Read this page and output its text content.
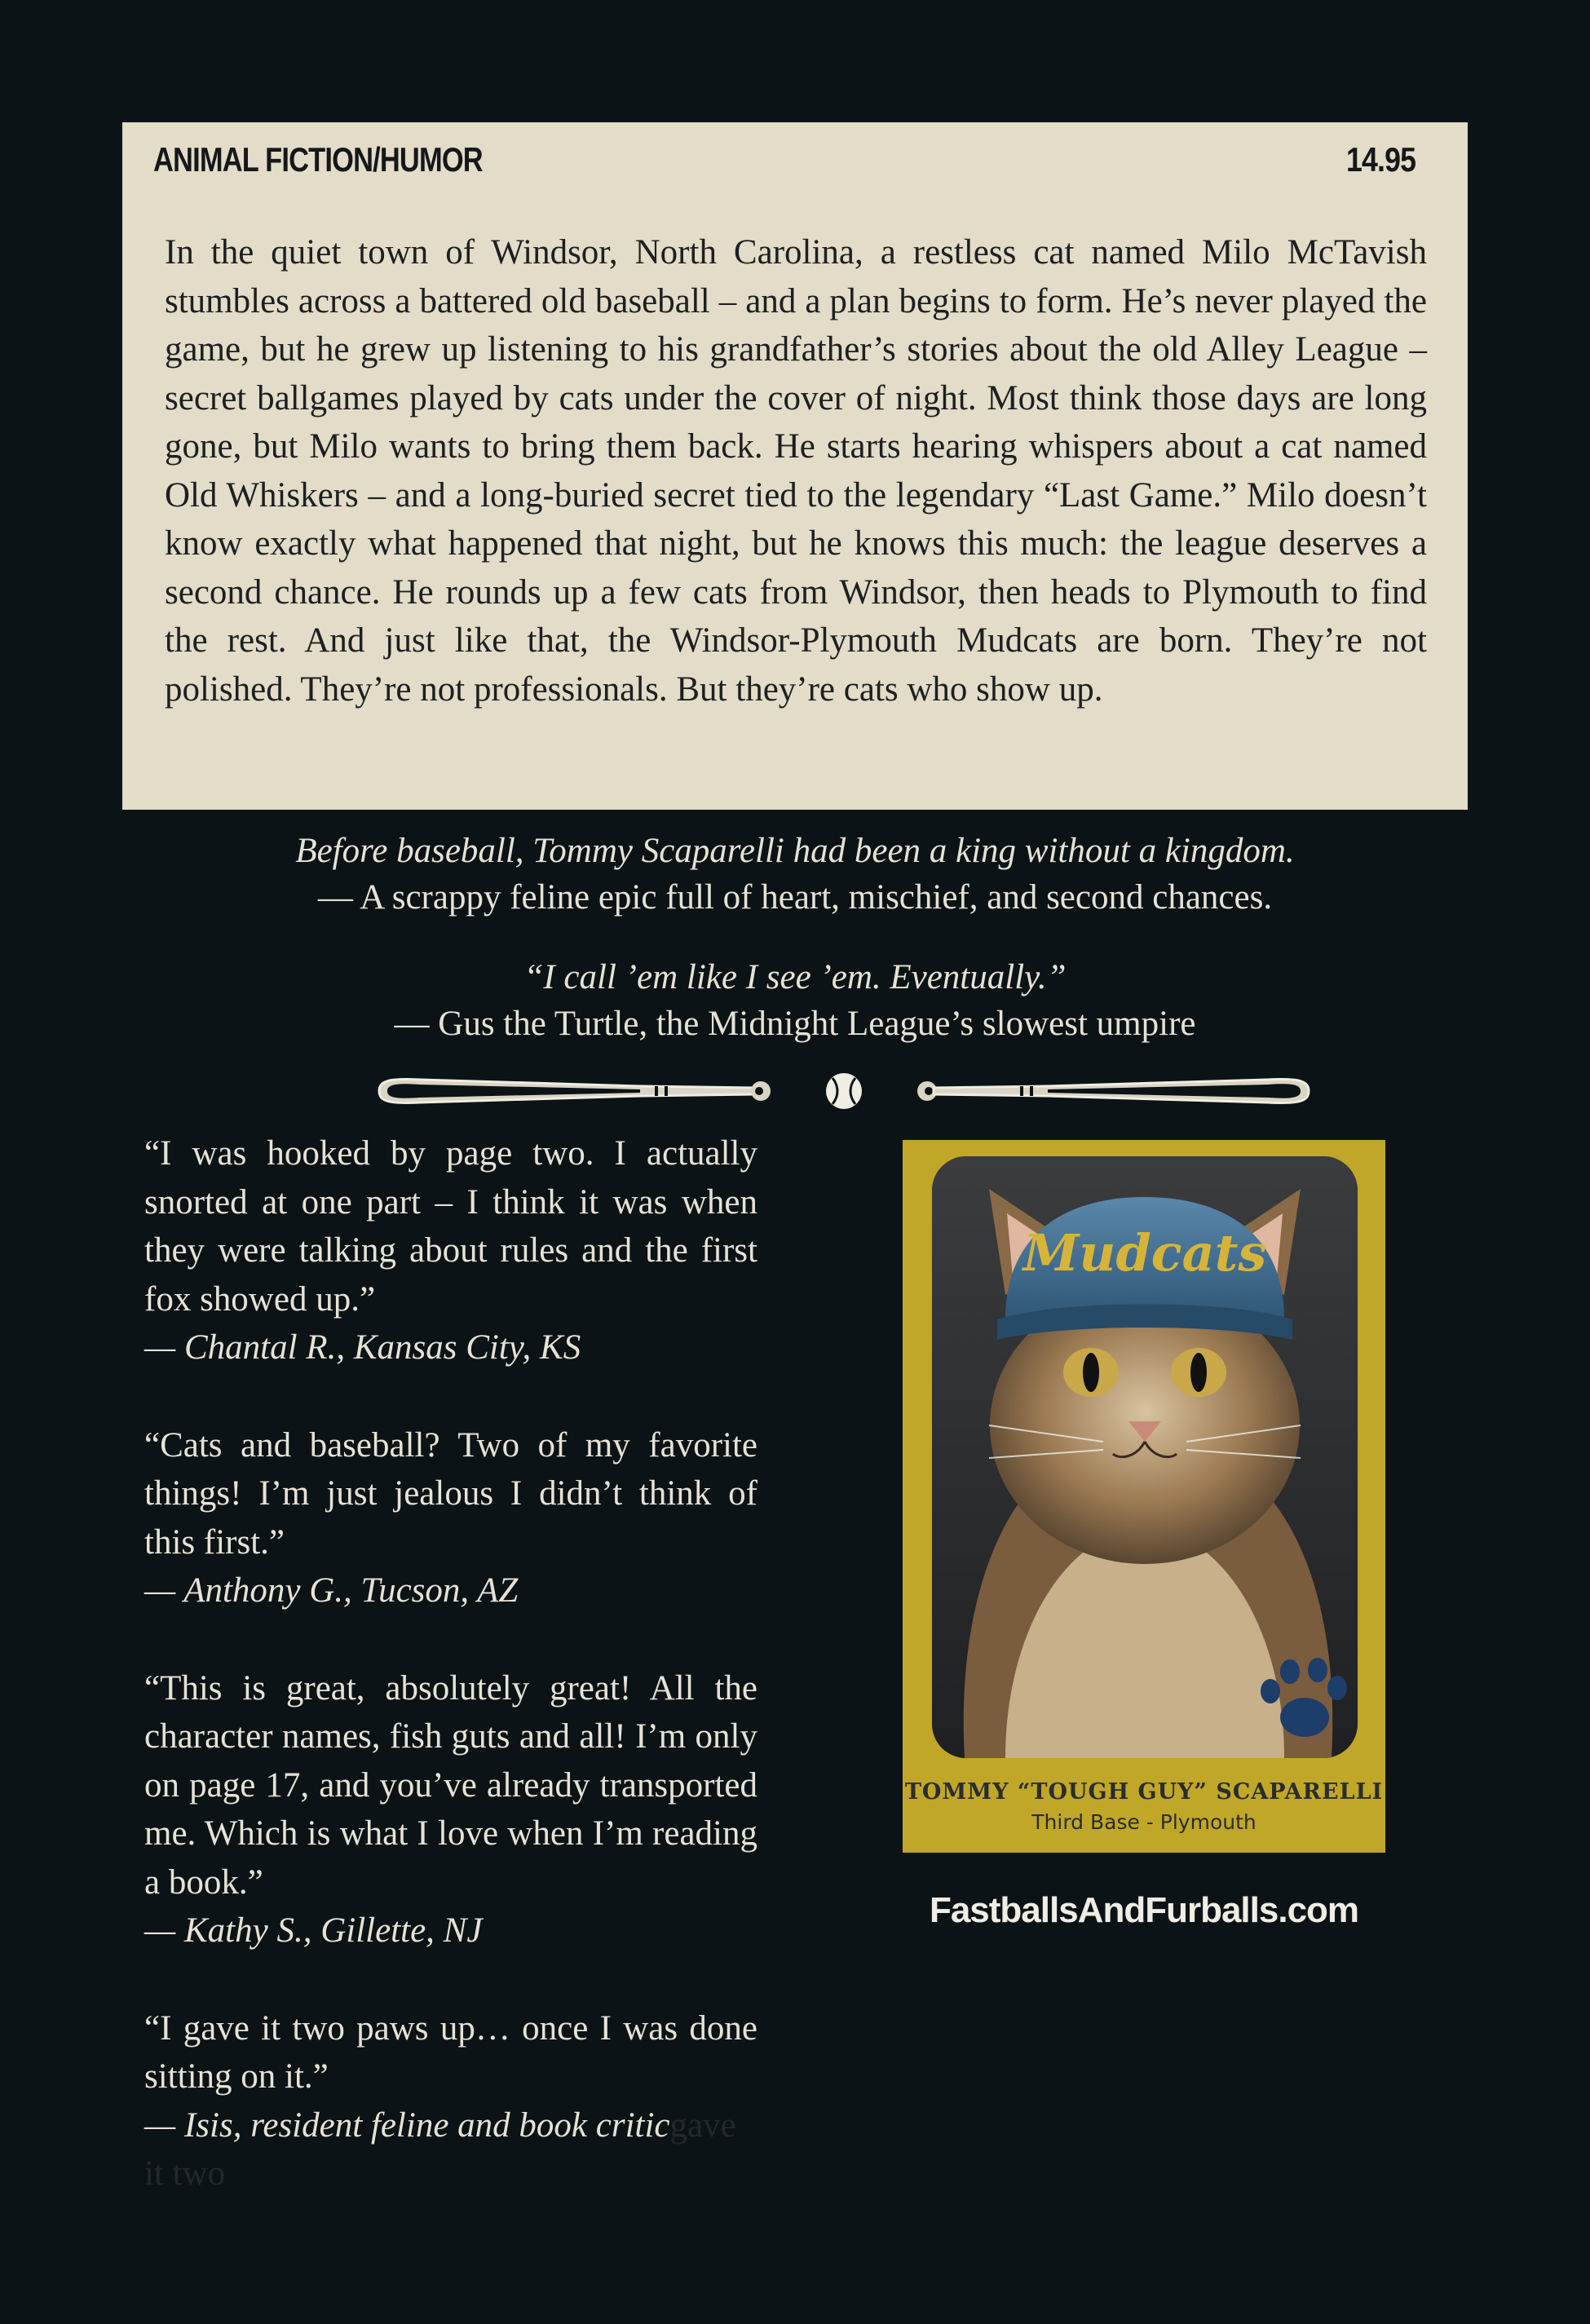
ANIMAL FICTION/HUMOR	14.95

In the quiet town of Windsor, North Carolina, a restless cat named Milo McTavish stumbles across a battered old baseball – and a plan begins to form. He’s never played the game, but he grew up listening to his grandfather’s stories about the old Alley League – secret ballgames played by cats under the cover of night. Most think those days are long gone, but Milo wants to bring them back. He starts hearing whispers about a cat named Old Whiskers – and a long-buried secret tied to the legendary “Last Game.” Milo doesn’t know exactly what happened that night, but he knows this much: the league deserves a second chance. He rounds up a few cats from Windsor, then heads to Plymouth to find the rest. And just like that, the Windsor-Plymouth Mudcats are born. They’re not polished. They’re not professionals. But they’re cats who show up.

Before baseball, Tommy Scaparelli had been a king without a kingdom.
— A scrappy feline epic full of heart, mischief, and second chances.
“I call ’em like I see ’em. Eventually.”
— Gus the Turtle, the Midnight League’s slowest umpire

“I was hooked by page two. I actually snorted at one part – I think it was when they were talking about rules and the first fox showed up.”

— Chantal R., Kansas City, KS

“Cats and baseball? Two of my favorite things! I’m just jealous I didn’t think of this first.”

— Anthony G., Tucson, AZ

“This is great, absolutely great! All the character names, fish guts and all! I’m only on page 17, and you’ve already transported me. Which is what I love when I’m reading a book.”

— Kathy S., Gillette, NJ

“I gave it two paws up… once I was done sitting on it.”

— Isis, resident feline and book criticgave it two
Mudcats
TOMMY “TOUGH GUY” SCAPARELLI
Third Base - Plymouth
FastballsAndFurballs.com
